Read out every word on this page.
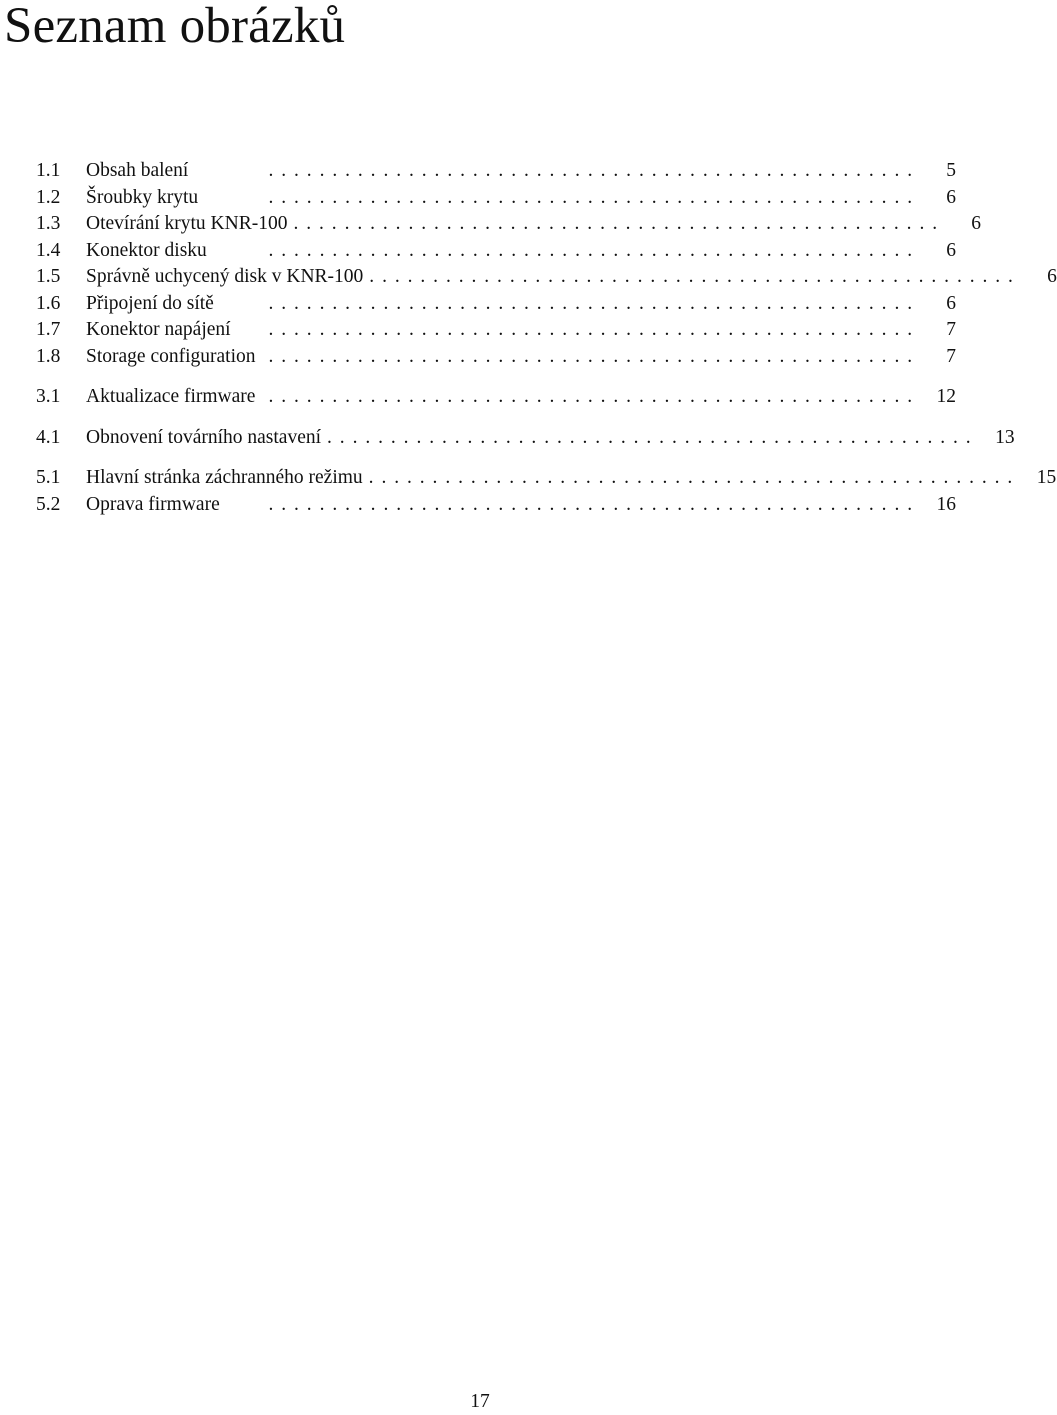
Seznam obrázků
1.1	Obsah balení	...................................................	5
1.2	Šroubky krytu	...................................................	6
1.3	Otevírání krytu KNR-100 ...................................................	6
1.4	Konektor disku	...................................................	6
1.5	Správně uchycený disk v KNR-100 ...................................................	6
1.6	Připojení do sítě	...................................................	6
1.7	Konektor napájení	...................................................	7
1.8	Storage configuration ...................................................	7
3.1	Aktualizace firmware ................................................... 12
4.1	Obnovení továrního nastavení ................................................... 13
5.1	Hlavní stránka záchranného režimu ................................................... 15
5.2	Oprava firmware	................................................... 16
17
